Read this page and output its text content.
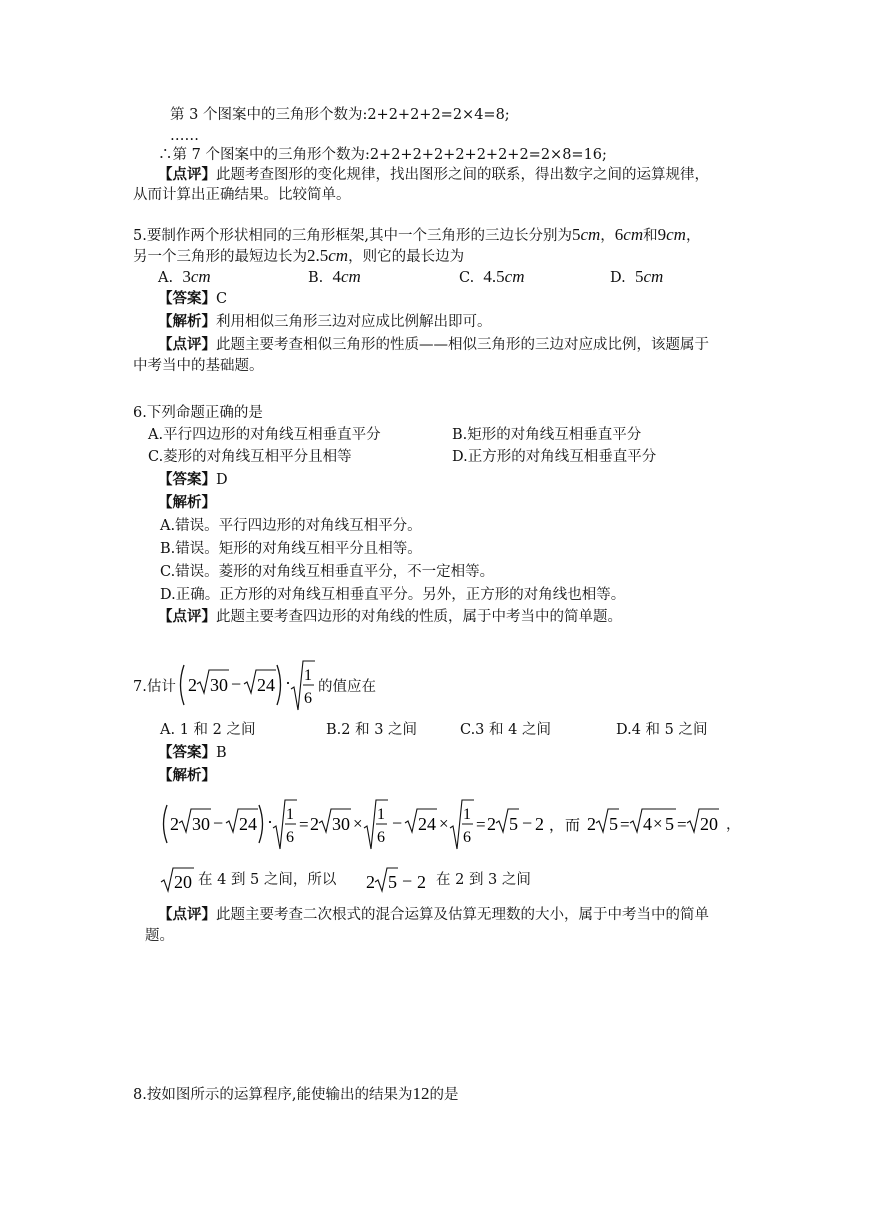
第 3 个图案中的三角形个数为:2+2+2+2=2×4=8;
……
∴第 7 个图案中的三角形个数为:2+2+2+2+2+2+2+2=2×8=16;
【点评】此题考查图形的变化规律，找出图形之间的联系，得出数字之间的运算规律，
从而计算出正确结果。比较简单。
5.要制作两个形状相同的三角形框架,其中一个三角形的三边长分别为5cm，6cm和9cm，
另一个三角形的最短边长为2.5cm，则它的最长边为
A. 3cm	B. 4cm	C. 4.5cm	D. 5cm
【答案】C
【解析】利用相似三角形三边对应成比例解出即可。
【点评】此题主要考查相似三角形的性质——相似三角形的三边对应成比例，该题属于
中考当中的基础题。
6.下列命题正确的是
A.平行四边形的对角线互相垂直平分	B.矩形的对角线互相垂直平分
C.菱形的对角线互相平分且相等	D.正方形的对角线互相垂直平分
【答案】D
【解析】
A.错误。平行四边形的对角线互相平分。
B.错误。矩形的对角线互相平分且相等。
C.错误。菱形的对角线互相垂直平分，不一定相等。
D.正确。正方形的对角线互相垂直平分。另外，正方形的对角线也相等。
【点评】此题主要考查四边形的对角线的性质，属于中考当中的简单题。
7.估计 2 30 − 24 · 1
6
的值应在
A. 1 和 2 之间	B.2 和 3 之间	C.3 和 4 之间	D.4 和 5 之间
【答案】B
【解析】
2 30 − 24 · 1
6
= 2 30 × 1
6
− 24 × 1
6
= 2 5 − 2 ， 而 2 5 = 4 × 5 = 20 ，
20 在 4 到 5 之间，所以 2 5 − 2 在 2 到 3 之间
【点评】此题主要考查二次根式的混合运算及估算无理数的大小，属于中考当中的简单
题。
8.按如图所示的运算程序,能使输出的结果为12的是
